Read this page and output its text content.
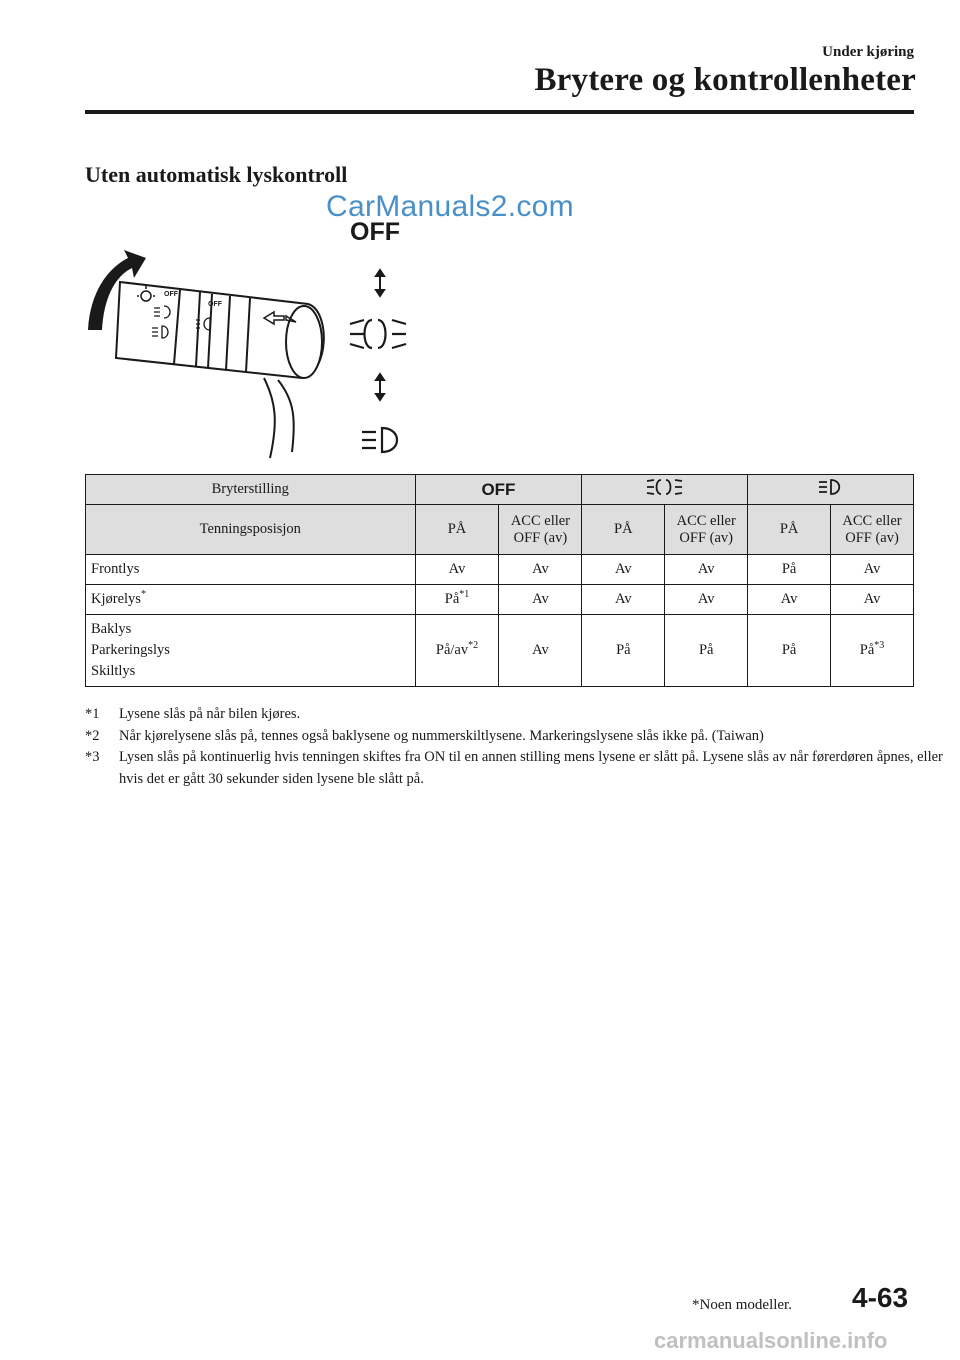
Under kjøring
Brytere og kontrollenheter
Uten automatisk lyskontroll
CarManuals2.com
OFF
OFF
OFF
Bryterstilling	OFF		
Tenningsposisjon	PÅ	ACC eller OFF (av)	PÅ	ACC eller OFF (av)	PÅ	ACC eller OFF (av)
Frontlys	Av	Av	Av	Av	På	Av
Kjørelys*	$På^{*1}$	Av	Av	Av	Av	Av

Baklys
Parkeringslys
Skiltlys	$På/av^{*2}$	Av	På	På	På	$På^{*3}$
*1 Lysene slås på når bilen kjøres.
*2 Når kjørelysene slås på, tennes også baklysene og nummerskiltlysene. Markeringslysene slås ikke på. (Taiwan)
*3 Lysen slås på kontinuerlig hvis tenningen skiftes fra ON til en annen stilling mens lysene er slått på. Lysene slås av når førerdøren åpnes, eller hvis det er gått 30 sekunder siden lysene ble slått på.
*Noen modeller. 4-63
carmanualsonline.info
